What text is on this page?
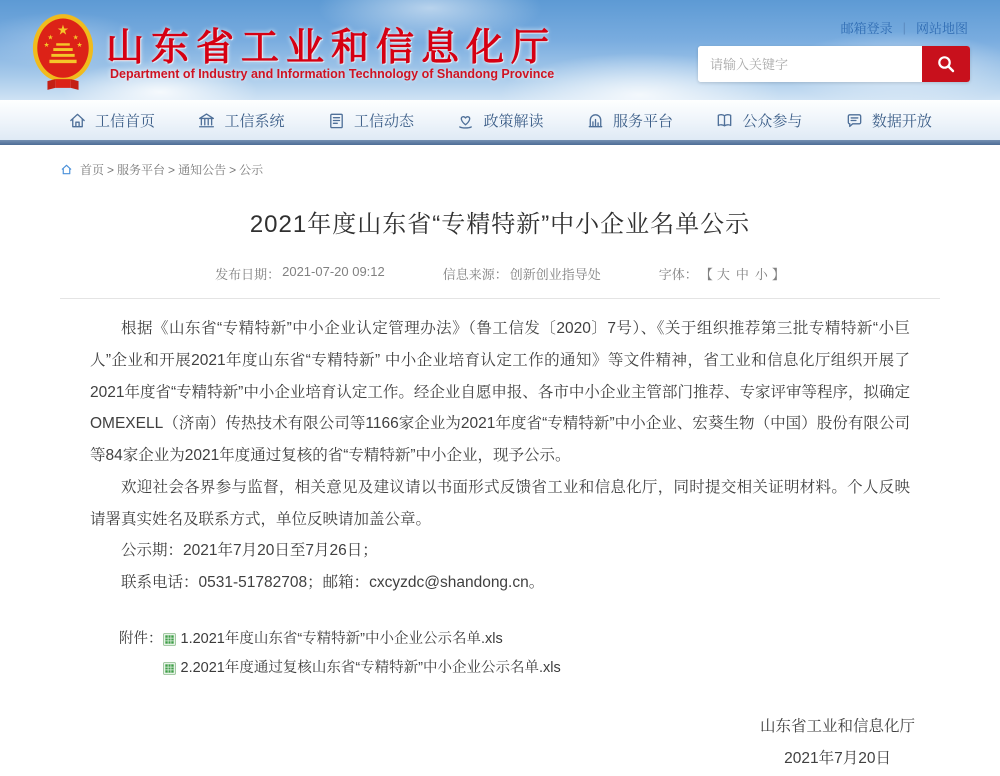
★
★	★
★	★ 山东省工业和信息化厅
Department of Industry and Information Technology of Shandong Province
邮箱登录 | 网站地图
请输入关键字
工信首页	工信系统	工信动态	政策解读	服务平台	公众参与	数据开放
首页 > 服务平台 > 通知公告 > 公示
2021年度山东省“专精特新”中小企业名单公示
发布日期： 2021-07-20 09:12	信息来源： 创新创业指导处	字体： 【 大 中 小 】

根据《山东省“专精特新”中小企业认定管理办法》（鲁工信发〔2020〕7号）、《关于组织推荐第三批专精特新“小巨人”企业和开展2021年度山东省“专精特新” 中小企业培育认定工作的通知》等文件精神，省工业和信息化厅组织开展了2021年度省“专精特新”中小企业培育认定工作。经企业自愿申报、各市中小企业主管部门推荐、专家评审等程序，拟确定OMEXELL（济南）传热技术有限公司等1166家企业为2021年度省“专精特新”中小企业、宏葵生物（中国）股份有限公司等84家企业为2021年度通过复核的省“专精特新”中小企业，现予公示。

欢迎社会各界参与监督，相关意见及建议请以书面形式反馈省工业和信息化厅，同时提交相关证明材料。个人反映请署真实姓名及联系方式，单位反映请加盖公章。

公示期：2021年7月20日至7月26日；

联系电话：0531-51782708；邮箱：cxcyzdc@shandong.cn。

附件： 1.2021年度山东省“专精特新”中小企业公示名单.xls
2.2021年度通过复核山东省“专精特新”中小企业公示名单.xls
山东省工业和信息化厅
2021年7月20日
